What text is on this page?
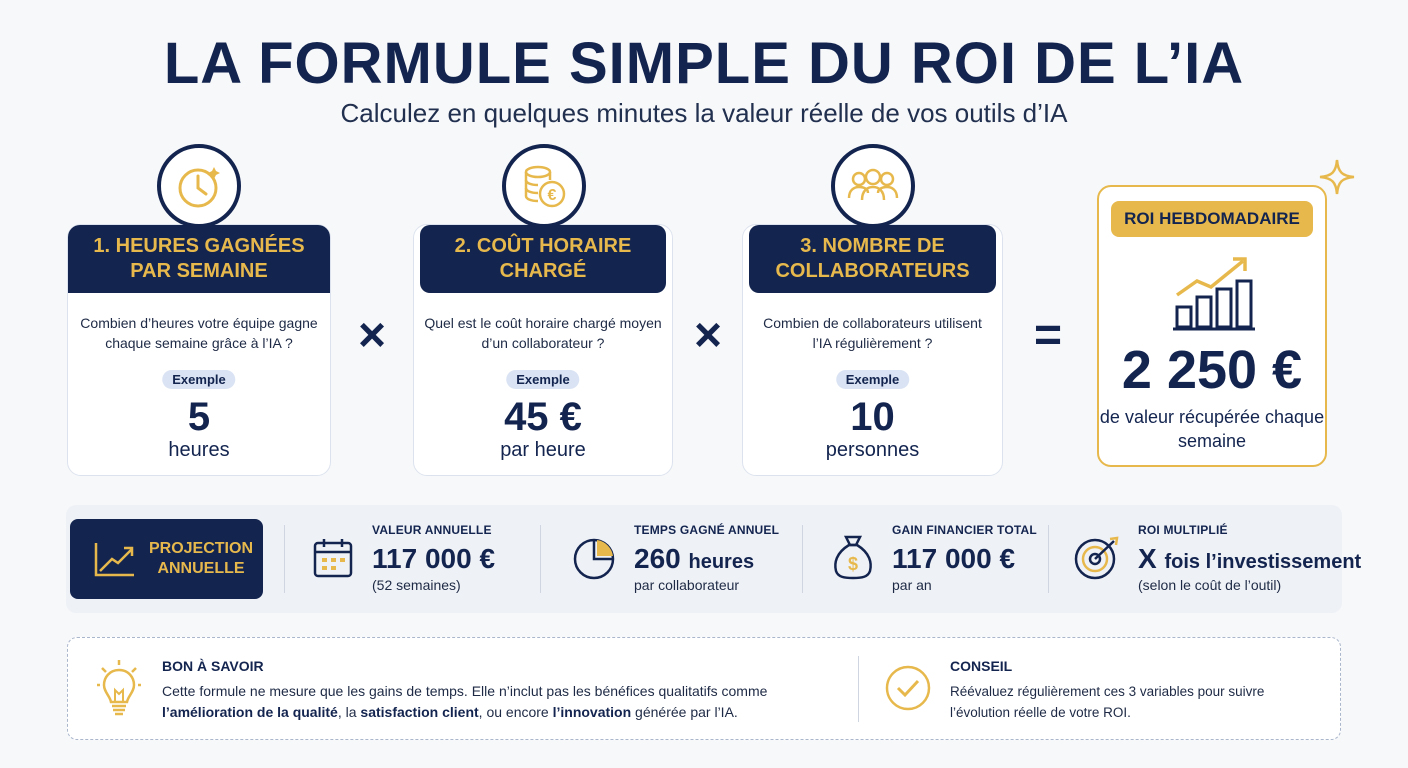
LA FORMULE SIMPLE DU ROI DE L’IA
Calculez en quelques minutes la valeur réelle de vos outils d’IA
1. HEURES GAGNÉES PAR SEMAINE
Combien d’heures votre équipe gagne chaque semaine grâce à l’IA ?
Exemple
5
heures
×
2. COÛT HORAIRE CHARGÉ
Quel est le coût horaire chargé moyen d’un collaborateur ?
Exemple
45 €
par heure
€
×
3. NOMBRE DE COLLABORATEURS
Combien de collaborateurs utilisent l’IA régulièrement ?
Exemple
10
personnes
=
ROI HEBDOMADAIRE
2 250 €
de valeur récupérée chaque semaine
PROJECTION ANNUELLE
VALEUR ANNUELLE
117 000 €
(52 semaines)
TEMPS GAGNÉ ANNUEL
260 heures
par collaborateur
$
GAIN FINANCIER TOTAL
117 000 €
par an
ROI MULTIPLIÉ
X fois l’investissement
(selon le coût de l’outil)
BON À SAVOIR
Cette formule ne mesure que les gains de temps. Elle n’inclut pas les bénéfices qualitatifs comme
l’amélioration de la qualité, la satisfaction client, ou encore l’innovation générée par l’IA.
CONSEIL
Réévaluez régulièrement ces 3 variables pour suivre
l’évolution réelle de votre ROI.
